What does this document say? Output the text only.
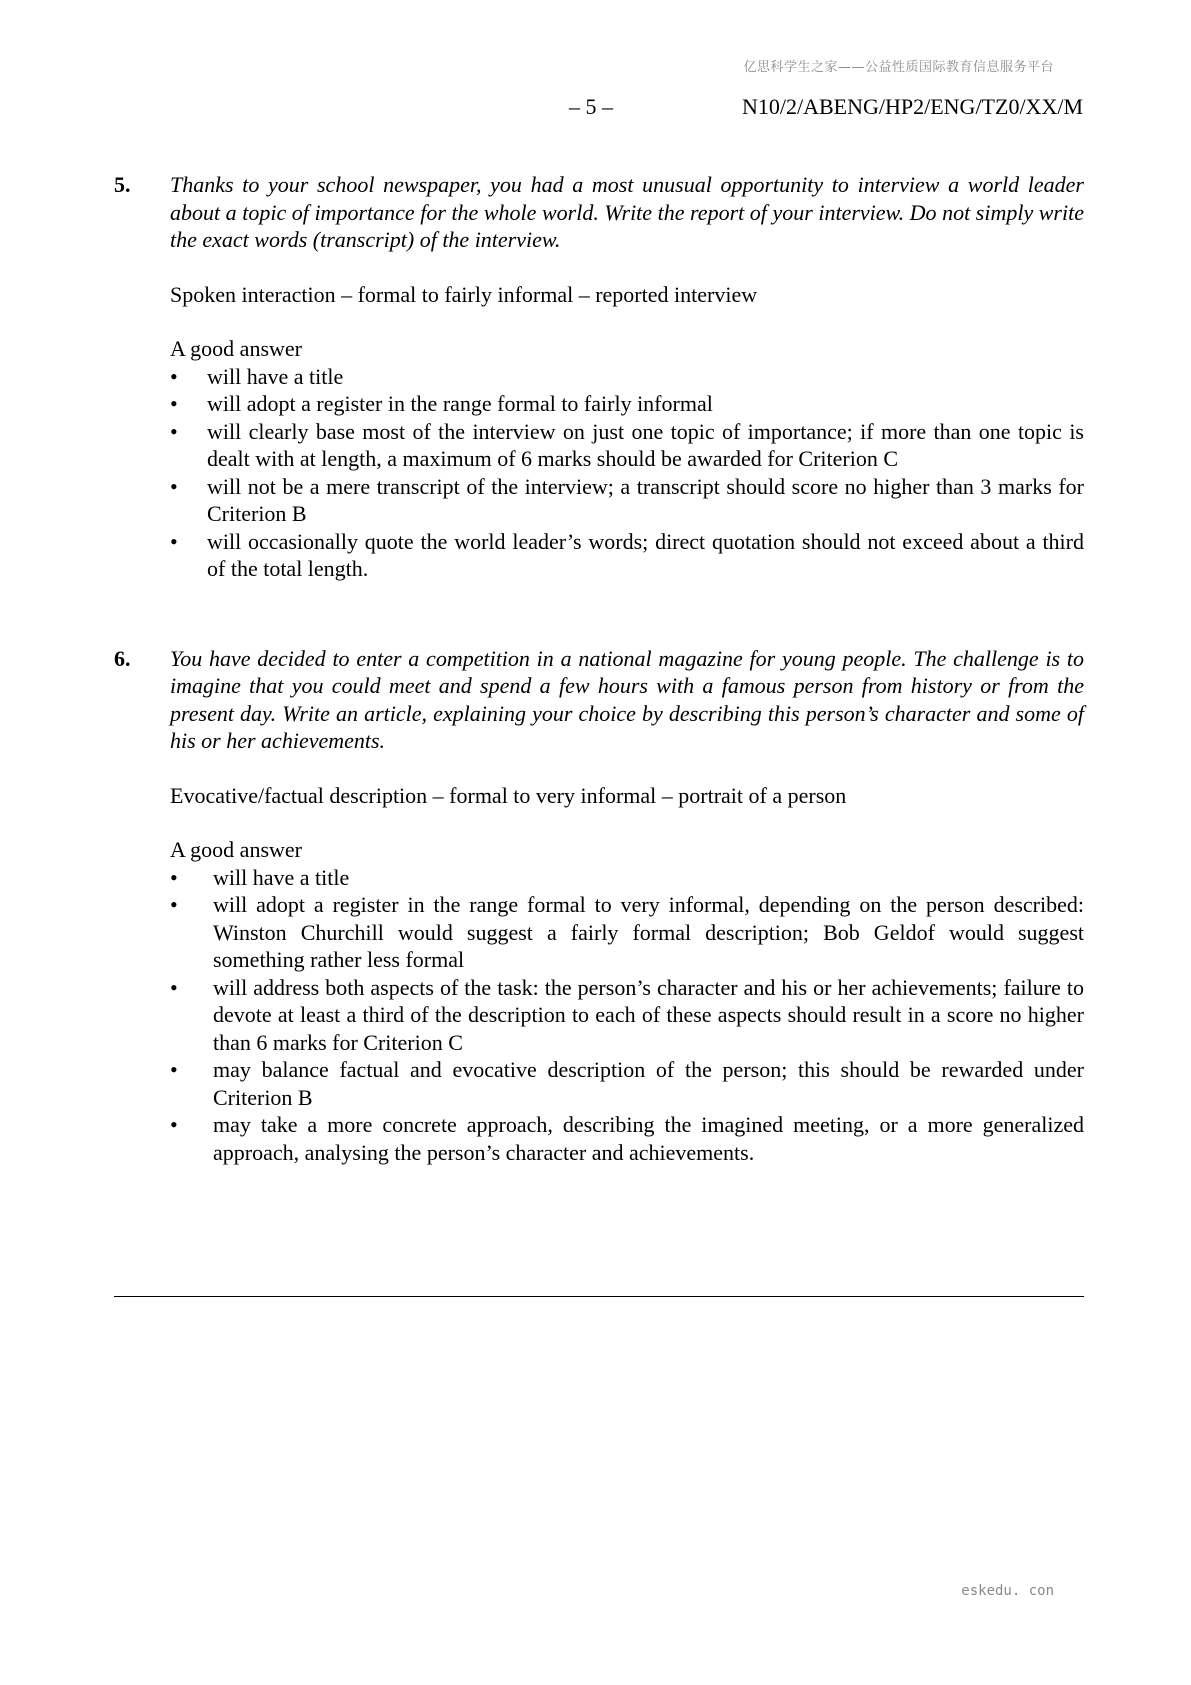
亿思科学生之家——公益性质国际教育信息服务平台
– 5 –	N10/2/ABENG/HP2/ENG/TZ0/XX/M
5. Thanks to your school newspaper, you had a most unusual opportunity to interview a world leader about a topic of importance for the whole world. Write the report of your interview. Do not simply write the exact words (transcript) of the interview.

Spoken interaction – formal to fairly informal – reported interview

A good answer

• will have a title
• will adopt a register in the range formal to fairly informal
• will clearly base most of the interview on just one topic of importance; if more than one topic is dealt with at length, a maximum of 6 marks should be awarded for Criterion C
• will not be a mere transcript of the interview; a transcript should score no higher than 3 marks for Criterion B
• will occasionally quote the world leader’s words; direct quotation should not exceed about a third of the total length.
6. You have decided to enter a competition in a national magazine for young people. The challenge is to imagine that you could meet and spend a few hours with a famous person from history or from the present day. Write an article, explaining your choice by describing this person’s character and some of his or her achievements.

Evocative/factual description – formal to very informal – portrait of a person

A good answer

• will have a title
• will adopt a register in the range formal to very informal, depending on the person described: Winston Churchill would suggest a fairly formal description; Bob Geldof would suggest something rather less formal
• will address both aspects of the task: the person’s character and his or her achievements; failure to devote at least a third of the description to each of these aspects should result in a score no higher than 6 marks for Criterion C
• may balance factual and evocative description of the person; this should be rewarded under Criterion B
• may take a more concrete approach, describing the imagined meeting, or a more generalized approach, analysing the person’s character and achievements.
eskedu. con
